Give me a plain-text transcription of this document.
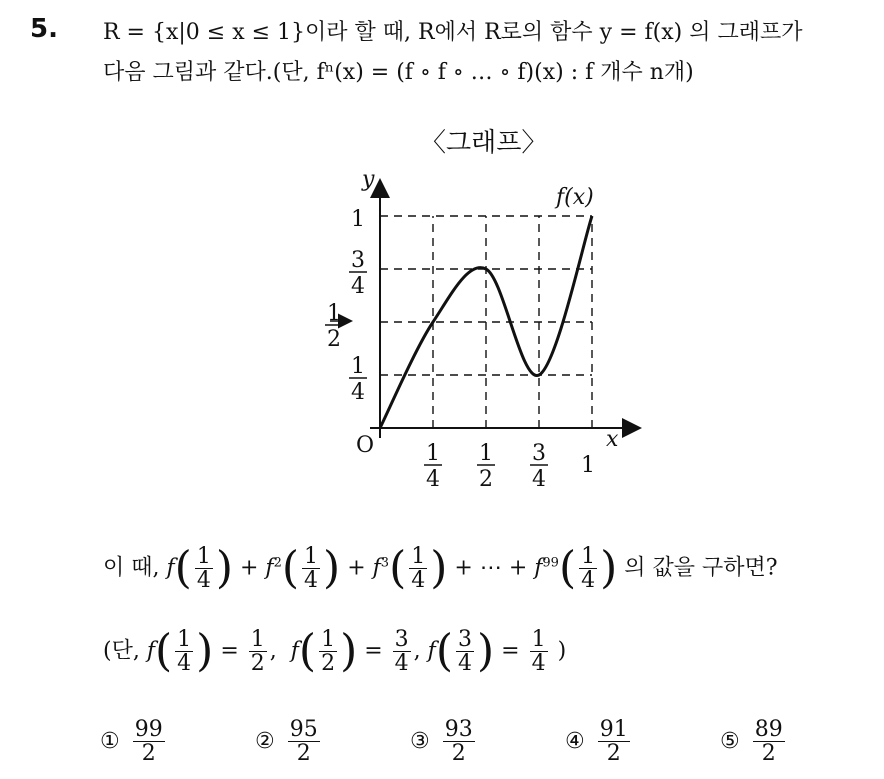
5. R = {x|0 ≤ x ≤ 1}이라 할 때, R에서 R로의 함수 y = f(x) 의 그래프가
다음 그림과 같다.(단, fⁿ(x) = (f ∘ f ∘ … ∘ f)(x) : f 개수 n개)
〈그래프〉
O	x
y
f(x)
1
4
1
2
3
4
1
1
4
1
2
3
4
1
이 때, $f( \frac{1}{4}$ ) + $f^2( \frac{1}{4}$ ) + $f^3( \frac{1}{4}$ ) + ⋯ + $f^{99}( \frac{1}{4}$ ) 의 값을 구하면?
(단, $f( \frac{1}{4}$ ) = $\frac{1}{2}$ ,  $f( \frac{1}{2}$ ) = $\frac{3}{4}$ , $f( \frac{3}{4}$ ) = $\frac{1}{4}$ )
① $\frac{99}{2}$	② $\frac{95}{2}$	③ $\frac{93}{2}$	④ $\frac{91}{2}$	⑤ $\frac{89}{2}$
